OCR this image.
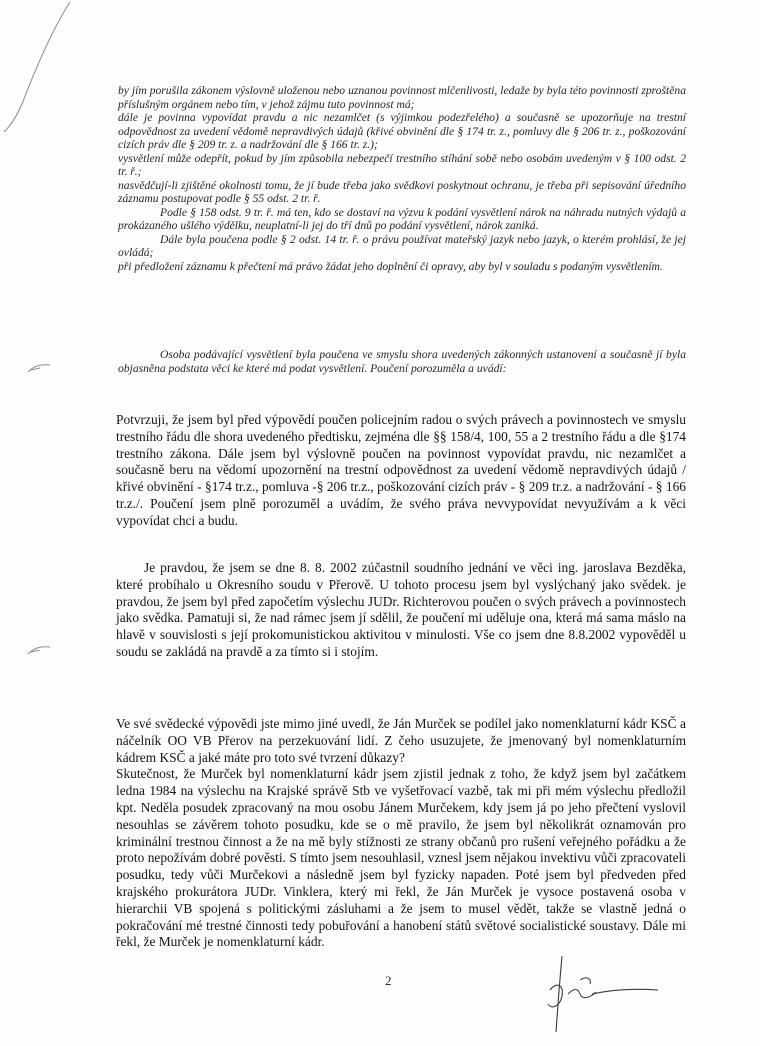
by jím porušila zákonem výslovně uloženou nebo uznanou povinnost mlčenlivosti, ledaže by byla této povinnosti zproštěna příslušným orgánem nebo tím, v jehož zájmu tuto povinnost má;

dále je povinna vypovídat pravdu a nic nezamlčet (s výjimkou podezřelého) a současně se upozorňuje na trestní odpovědnost za uvedení vědomě nepravdivých údajů (křivé obvinění dle § 174 tr. z., pomluvy dle § 206 tr. z., poškozování cizích práv dle § 209 tr. z. a nadržování dle § 166 tr. z.);

vysvětlení může odepřít, pokud by jím způsobila nebezpečí trestního stíhání sobě nebo osobám uvedeným v § 100 odst. 2 tr. ř.;

nasvědčují-li zjištěné okolnosti tomu, že jí bude třeba jako svědkovi poskytnout ochranu, je třeba při sepisování úředního záznamu postupovat podle § 55 odst. 2 tr. ř.

Podle § 158 odst. 9 tr. ř. má ten, kdo se dostaví na výzvu k podání vysvětlení nárok na náhradu nutných výdajů a prokázaného ušlého výdělku, neuplatní-li jej do tří dnů po podání vysvětlení, nárok zaniká.

Dále byla poučena podle § 2 odst. 14 tr. ř. o právu používat mateřský jazyk nebo jazyk, o kterém prohlásí, že jej ovládá;

při předložení záznamu k přečtení má právo žádat jeho doplnění či opravy, aby byl v souladu s podaným vysvětlením.

Osoba podávající vysvětlení byla poučena ve smyslu shora uvedených zákonných ustanovení a současně jí byla objasněna podstata věci ke které má podat vysvětlení. Poučení porozuměla a uvádí:

Potvrzuji, že jsem byl před výpovědí poučen policejním radou o svých právech a povinnostech ve smyslu trestního řádu dle shora uvedeného předtisku, zejména dle §§ 158/4, 100, 55 a 2 trestního řádu a dle §174 trestního zákona. Dále jsem byl výslovně poučen na povinnost vypovídat pravdu, nic nezamlčet a současně beru na vědomí upozornění na trestní odpovědnost za uvedení vědomě nepravdivých údajů / křivé obvinění - §174 tr.z., pomluva -§ 206 tr.z., poškozování cizích práv - § 209 tr.z. a nadržování - § 166 tr.z./. Poučení jsem plně porozuměl a uvádím, že svého práva nevvypovídat nevyužívám a k věci vypovídat chci a budu.

Je pravdou, že jsem se dne 8. 8. 2002 zúčastnil soudního jednání ve věci ing. jaroslava Bezděka, které probíhalo u Okresního soudu v Přerově. U tohoto procesu jsem byl vyslýchaný jako svědek. je pravdou, že jsem byl před započetím výslechu JUDr. Richterovou poučen o svých právech a povinnostech jako svědka. Pamatuji si, že nad rámec jsem jí sdělil, že poučení mi uděluje ona, která má sama máslo na hlavě v souvislosti s její prokomunistickou aktivitou v minulosti. Vše co jsem dne 8.8.2002 vypověděl u soudu se zakládá na pravdě a za tímto si i stojím.

Ve své svědecké výpovědi jste mimo jiné uvedl, že Ján Murček se podílel jako nomenklaturní kádr KSČ a náčelník OO VB Přerov na perzekuování lidí. Z čeho usuzujete, že jmenovaný byl nomenklaturním kádrem KSČ a jaké máte pro toto své tvrzení důkazy?

Skutečnost, že Murček byl nomenklaturní kádr jsem zjistil jednak z toho, že když jsem byl začátkem ledna 1984 na výslechu na Krajské správě Stb ve vyšetřovací vazbě, tak mi při mém výslechu předložil kpt. Neděla posudek zpracovaný na mou osobu Jánem Murčekem, kdy jsem já po jeho přečtení vyslovil nesouhlas se závěrem tohoto posudku, kde se o mě pravilo, že jsem byl několikrát oznamován pro kriminální trestnou činnost a že na mě byly stížnosti ze strany občanů pro rušení veřejného pořádku a že proto nepožívám dobré pověsti. S tímto jsem nesouhlasil, vznesl jsem nějakou invektivu vůči zpracovateli posudku, tedy vůči Murčekovi a následně jsem byl fyzicky napaden. Poté jsem byl předveden před krajského prokurátora JUDr. Vinklera, který mi řekl, že Ján Murček je vysoce postavená osoba v hierarchii VB spojená s politickými zásluhami a že jsem to musel vědět, takže se vlastně jedná o pokračování mé trestné činnosti tedy pobuřování a hanobení států světové socialistické soustavy. Dále mi řekl, že Murček je nomenklaturní kádr.

2
